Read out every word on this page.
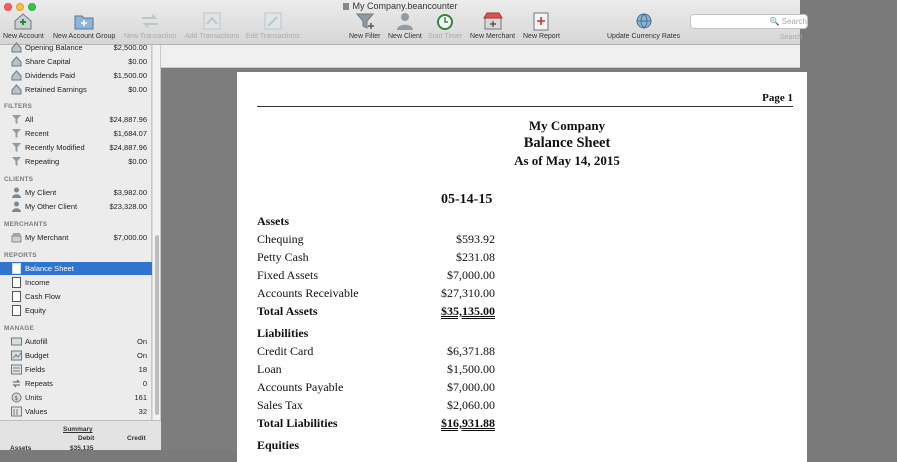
My Company.beancounter
New Account New Account Group New Transaction Add Transactions Edit Transactions	New Filter New Client Start Timer New Merchant New Report	Update Currency Rates
🔍 Search
Search
Opening Balance	$2,500.00
Share Capital	$0.00
Dividends Paid	$1,500.00
Retained Earnings	$0.00
FILTERS
All	$24,887.96
Recent	$1,684.07
Recently Modified	$24,887.96
Repeating	$0.00
CLIENTS
My Client	$3,982.00
My Other Client	$23,328.00
MERCHANTS
My Merchant	$7,000.00
REPORTS
Balance Sheet
Income
Cash Flow
Equity
MANAGE
Autofill	On
Budget	On
Fields	18
Repeats	0
$ Units	161
Values	32
Summary
Debit	Credit
Assets	$35,135
Page 1
My Company
Balance Sheet
As of May 14, 2015
05-14-15
Assets
Chequing	$593.92
Petty Cash	$231.08
Fixed Assets	$7,000.00
Accounts Receivable	$27,310.00
Total Assets	$35,135.00
Liabilities
Credit Card	$6,371.88
Loan	$1,500.00
Accounts Payable	$7,000.00
Sales Tax	$2,060.00
Total Liabilities	$16,931.88
Equities
